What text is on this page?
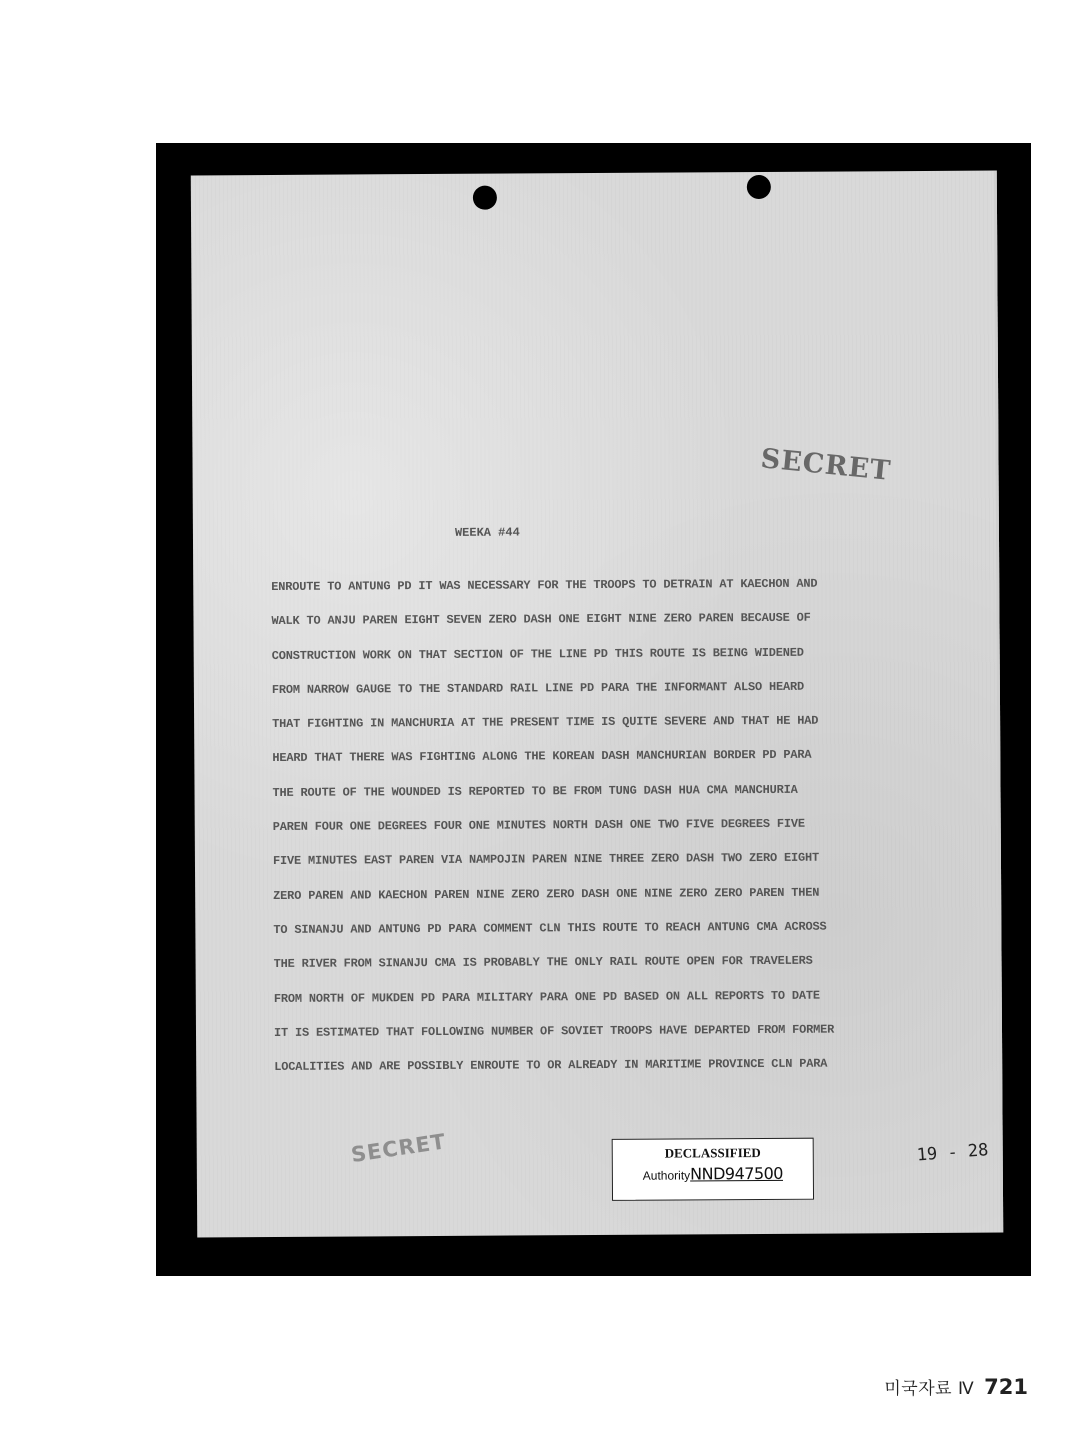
SECRET
WEEKA #44
ENROUTE TO ANTUNG PD IT WAS NECESSARY FOR THE TROOPS TO DETRAIN AT KAECHON AND
WALK TO ANJU PAREN EIGHT SEVEN ZERO DASH ONE EIGHT NINE ZERO PAREN BECAUSE OF
CONSTRUCTION WORK ON THAT SECTION OF THE LINE PD THIS ROUTE IS BEING WIDENED
FROM NARROW GAUGE TO THE STANDARD RAIL LINE PD PARA THE INFORMANT ALSO HEARD
THAT FIGHTING IN MANCHURIA AT THE PRESENT TIME IS QUITE SEVERE AND THAT HE HAD
HEARD THAT THERE WAS FIGHTING ALONG THE KOREAN DASH MANCHURIAN BORDER PD PARA
THE ROUTE OF THE WOUNDED IS REPORTED TO BE FROM TUNG DASH HUA CMA MANCHURIA
PAREN FOUR ONE DEGREES FOUR ONE MINUTES NORTH DASH ONE TWO FIVE DEGREES FIVE
FIVE MINUTES EAST PAREN VIA NAMPOJIN PAREN NINE THREE ZERO DASH TWO ZERO EIGHT
ZERO PAREN AND KAECHON PAREN NINE ZERO ZERO DASH ONE NINE ZERO ZERO PAREN THEN
TO SINANJU AND ANTUNG PD PARA COMMENT CLN THIS ROUTE TO REACH ANTUNG CMA ACROSS
THE RIVER FROM SINANJU CMA IS PROBABLY THE ONLY RAIL ROUTE OPEN FOR TRAVELERS
FROM NORTH OF MUKDEN PD PARA MILITARY PARA ONE PD BASED ON ALL REPORTS TO DATE
IT IS ESTIMATED THAT FOLLOWING NUMBER OF SOVIET TROOPS HAVE DEPARTED FROM FORMER
LOCALITIES AND ARE POSSIBLY ENROUTE TO OR ALREADY IN MARITIME PROVINCE CLN PARA
SECRET	DECLASSIFIED
AuthorityNND947500
19 - 28
미국자료 Ⅳ 721
